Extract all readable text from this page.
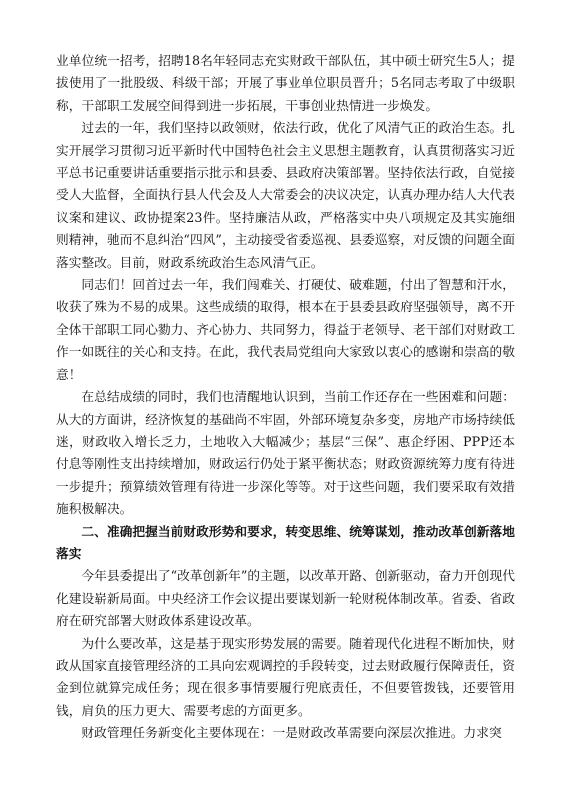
业单位统一招考，招聘18名年轻同志充实财政干部队伍，其中硕士研究生5人；提拔使用了一批股级、科级干部；开展了事业单位职员晋升；5名同志考取了中级职称，干部职工发展空间得到进一步拓展，干事创业热情进一步焕发。

过去的一年，我们坚持以政领财，依法行政，优化了风清气正的政治生态。扎实开展学习贯彻习近平新时代中国特色社会主义思想主题教育，认真贯彻落实习近平总书记重要讲话重要指示批示和县委、县政府决策部署。坚持依法行政，自觉接受人大监督，全面执行县人代会及人大常委会的决议决定，认真办理办结人大代表议案和建议、政协提案23件。坚持廉洁从政，严格落实中央八项规定及其实施细则精神，驰而不息纠治“四风”，主动接受省委巡视、县委巡察，对反馈的问题全面落实整改。目前，财政系统政治生态风清气正。

同志们！回首过去一年，我们闯难关、打硬仗、破难题，付出了智慧和汗水，收获了殊为不易的成果。这些成绩的取得，根本在于县委县政府坚强领导，离不开全体干部职工同心勠力、齐心协力、共同努力，得益于老领导、老干部们对财政工作一如既往的关心和支持。在此，我代表局党组向大家致以衷心的感谢和崇高的敬意！

在总结成绩的同时，我们也清醒地认识到，当前工作还存在一些困难和问题：从大的方面讲，经济恢复的基础尚不牢固，外部环境复杂多变，房地产市场持续低迷，财政收入增长乏力，土地收入大幅减少；基层“三保”、惠企纾困、PPP还本付息等刚性支出持续增加，财政运行仍处于紧平衡状态；财政资源统筹力度有待进一步提升；预算绩效管理有待进一步深化等等。对于这些问题，我们要采取有效措施积极解决。

二、准确把握当前财政形势和要求，转变思维、统筹谋划，推动改革创新落地落实

今年县委提出了“改革创新年”的主题，以改革开路、创新驱动，奋力开创现代化建设崭新局面。中央经济工作会议提出要谋划新一轮财税体制改革。省委、省政府在研究部署大财政体系建设改革。

为什么要改革，这是基于现实形势发展的需要。随着现代化进程不断加快，财政从国家直接管理经济的工具向宏观调控的手段转变，过去财政履行保障责任，资金到位就算完成任务；现在很多事情要履行兜底责任，不但要管拨钱，还要管用钱，肩负的压力更大、需要考虑的方面更多。

财政管理任务新变化主要体现在：一是财政改革需要向深层次推进。力求突
